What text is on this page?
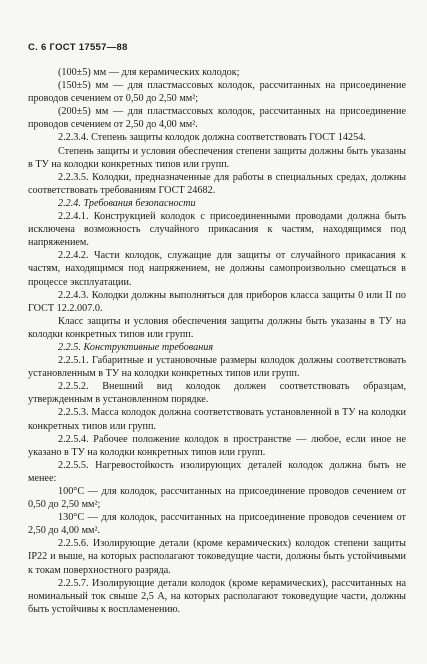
С. 6 ГОСТ 17557—88

(100±5) мм — для керамических колодок;

(150±5) мм — для пластмассовых колодок, рассчитанных на присоединение проводов сечением от 0,50 до 2,50 мм²;

(200±5) мм — для пластмассовых колодок, рассчитанных на присоединение проводов сечением от 2,50 до 4,00 мм².

2.2.3.4. Степень защиты колодок должна соответствовать ГОСТ 14254.

Степень защиты и условия обеспечения степени защиты должны быть указаны в ТУ на колодки конкретных типов или групп.

2.2.3.5. Колодки, предназначенные для работы в специальных средах, должны соответствовать требованиям ГОСТ 24682.

2.2.4. Требования безопасности

2.2.4.1. Конструкцией колодок с присоединенными проводами должна быть исключена возможность случайного прикасания к частям, находящимся под напряжением.

2.2.4.2. Части колодок, служащие для защиты от случайного прикасания к частям, находящимся под напряжением, не должны самопроизвольно смещаться в процессе эксплуатации.

2.2.4.3. Колодки должны выполняться для приборов класса защиты 0 или II по ГОСТ 12.2.007.0.

Класс защиты и условия обеспечения защиты должны быть указаны в ТУ на колодки конкретных типов или групп.

2.2.5. Конструктивные требования

2.2.5.1. Габаритные и установочные размеры колодок должны соответствовать установленным в ТУ на колодки конкретных типов или групп.

2.2.5.2. Внешний вид колодок должен соответствовать образцам, утвержденным в установленном порядке.

2.2.5.3. Масса колодок должна соответствовать установленной в ТУ на колодки конкретных типов или групп.

2.2.5.4. Рабочее положение колодок в пространстве — любое, если иное не указано в ТУ на колодки конкретных типов или групп.

2.2.5.5. Нагревостойкость изолирующих деталей колодок должна быть не менее:

100°С — для колодок, рассчитанных на присоединение проводов сечением от 0,50 до 2,50 мм²;

130°С — для колодок, рассчитанных на присоединение проводов сечением от 2,50 до 4,00 мм².

2.2.5.6. Изолирующие детали (кроме керамических) колодок степени защиты IP22 и выше, на которых располагают токоведущие части, должны быть устойчивыми к токам поверхностного разряда.

2.2.5.7. Изолирующие детали колодок (кроме керамических), рассчитанных на номинальный ток свыше 2,5 А, на которых располагают токоведущие части, должны быть устойчивы к воспламенению.
